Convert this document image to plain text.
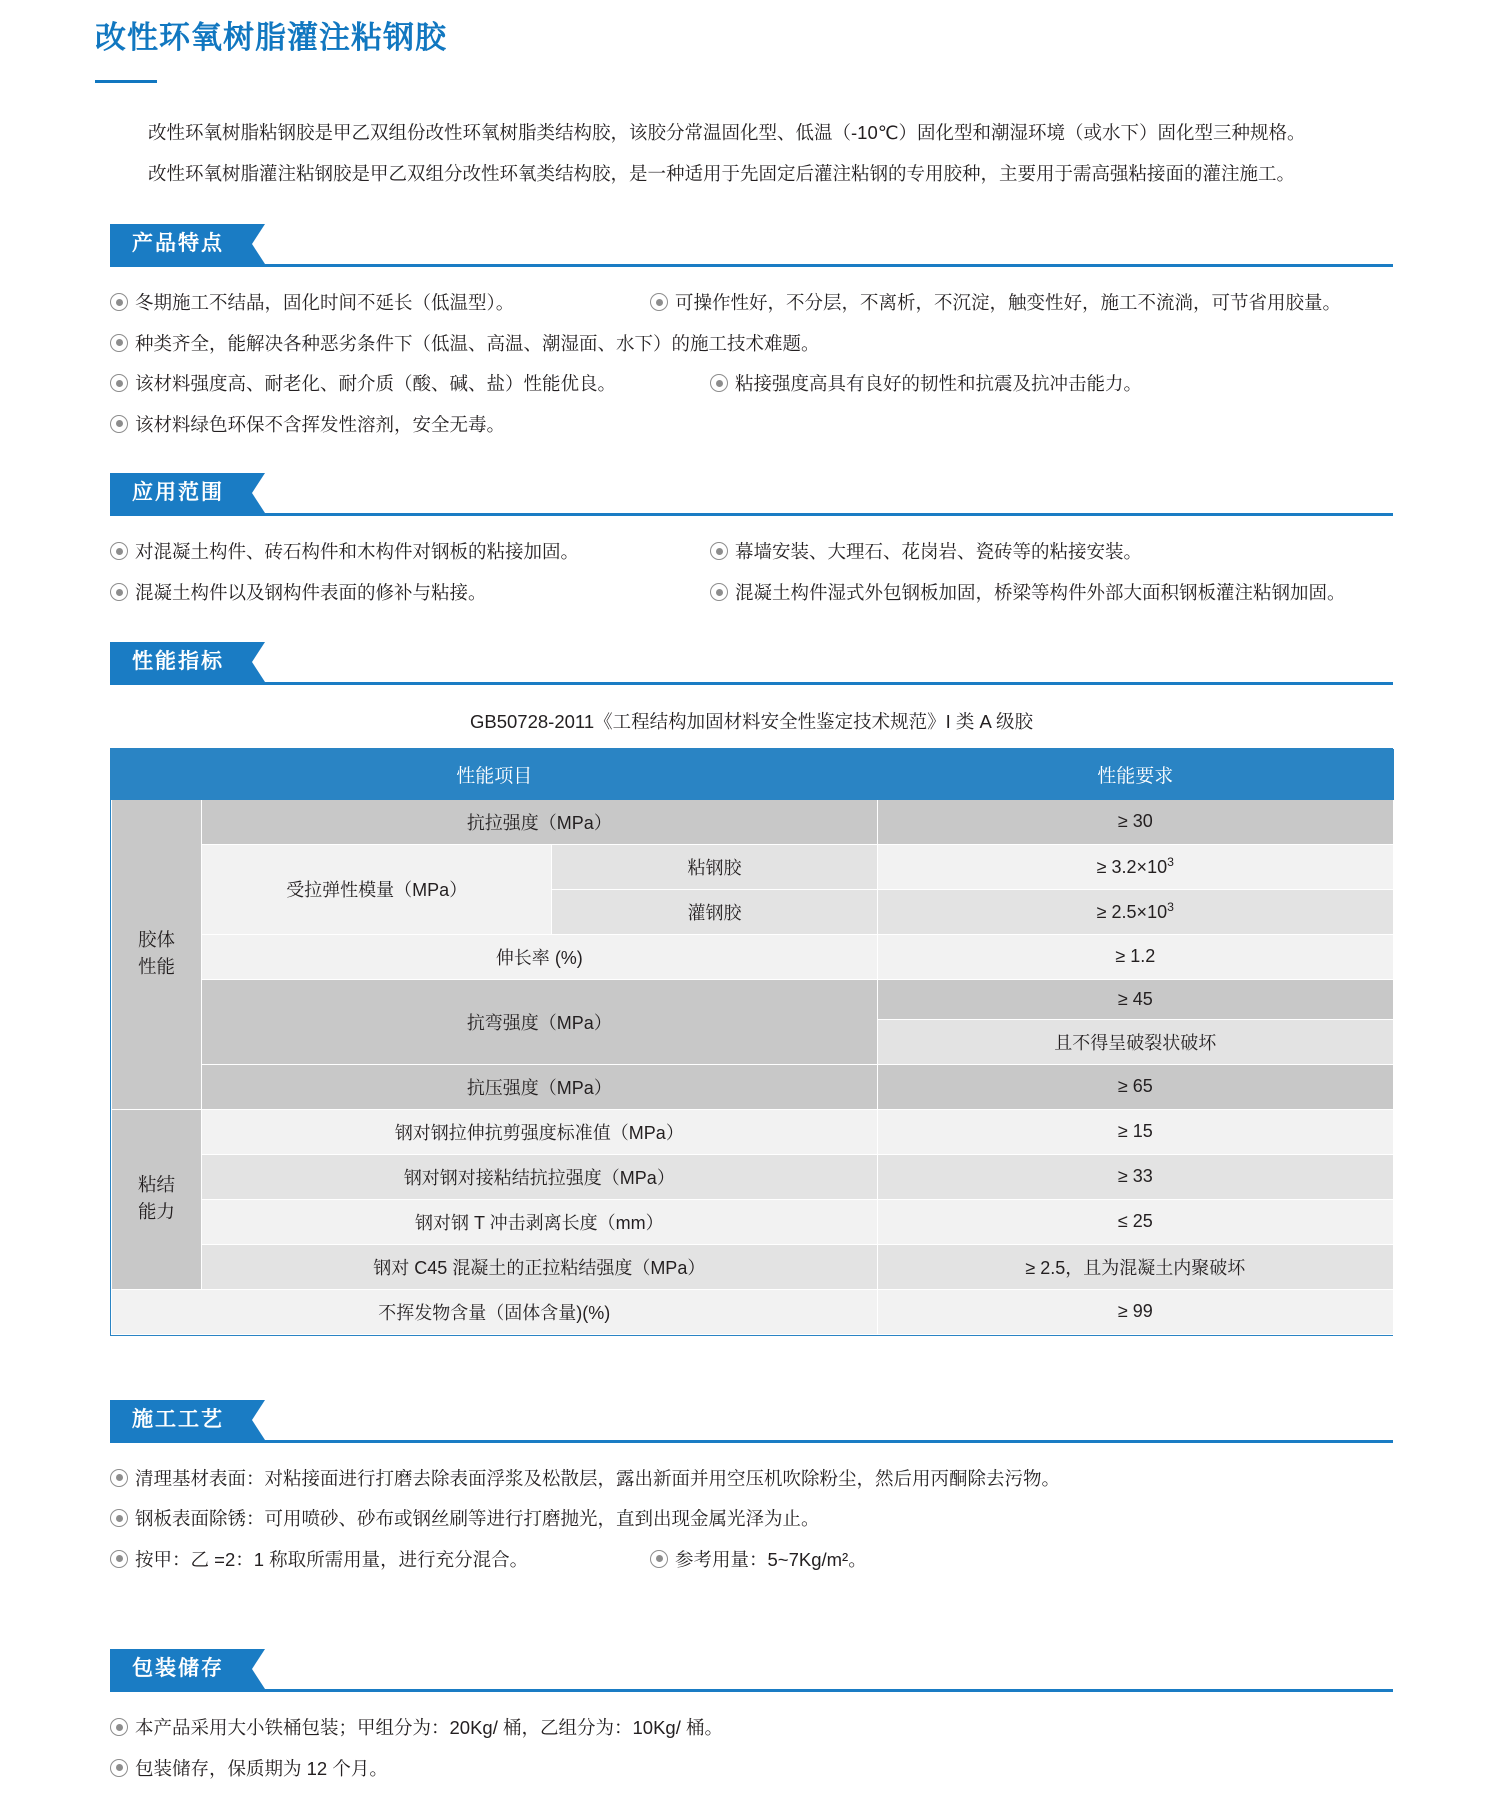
改性环氧树脂灌注粘钢胶

改性环氧树脂粘钢胶是甲乙双组份改性环氧树脂类结构胶，该胶分常温固化型、低温（-10℃）固化型和潮湿环境（或水下）固化型三种规格。

改性环氧树脂灌注粘钢胶是甲乙双组分改性环氧类结构胶，是一种适用于先固定后灌注粘钢的专用胶种，主要用于需高强粘接面的灌注施工。

产品特点
冬期施工不结晶，固化时间不延长（低温型）。	可操作性好，不分层，不离析，不沉淀，触变性好，施工不流淌，可节省用胶量。
种类齐全，能解决各种恶劣条件下（低温、高温、潮湿面、水下）的施工技术难题。
该材料强度高、耐老化、耐介质（酸、碱、盐）性能优良。	粘接强度高具有良好的韧性和抗震及抗冲击能力。
该材料绿色环保不含挥发性溶剂，安全无毒。
应用范围
对混凝土构件、砖石构件和木构件对钢板的粘接加固。	幕墙安装、大理石、花岗岩、瓷砖等的粘接安装。
混凝土构件以及钢构件表面的修补与粘接。	混凝土构件湿式外包钢板加固，桥梁等构件外部大面积钢板灌注粘钢加固。
性能指标
GB50728-2011《工程结构加固材料安全性鉴定技术规范》I 类 A 级胶
性能项目			性能要求
胶体
性能	抗拉强度（MPa）		≥ 30
	受拉弹性模量（MPa）	粘钢胶	≥ $3.2\times 10^3$
		灌钢胶	≥ $2.5\times 10^3$
	伸长率 (%)		≥ 1.2
	抗弯强度（MPa）		≥ 45
			且不得呈破裂状破坏
	抗压强度（MPa）		≥ 65
粘结
能力	钢对钢拉伸抗剪强度标准值（MPa）		≥ 15
	钢对钢对接粘结抗拉强度（MPa）		≥ 33
	钢对钢 T 冲击剥离长度（mm）		≤ 25
	钢对 C45 混凝土的正拉粘结强度（MPa）		≥ 2.5，且为混凝土内聚破坏
不挥发物含量（固体含量)(%)			≥ 99
施工工艺
清理基材表面：对粘接面进行打磨去除表面浮浆及松散层，露出新面并用空压机吹除粉尘，然后用丙酮除去污物。
钢板表面除锈：可用喷砂、砂布或钢丝刷等进行打磨抛光，直到出现金属光泽为止。
按甲：乙 =2：1 称取所需用量，进行充分混合。	参考用量：5~7Kg/m²。
包装储存
本产品采用大小铁桶包装；甲组分为：20Kg/ 桶，乙组分为：10Kg/ 桶。
包装储存，保质期为 12 个月。
